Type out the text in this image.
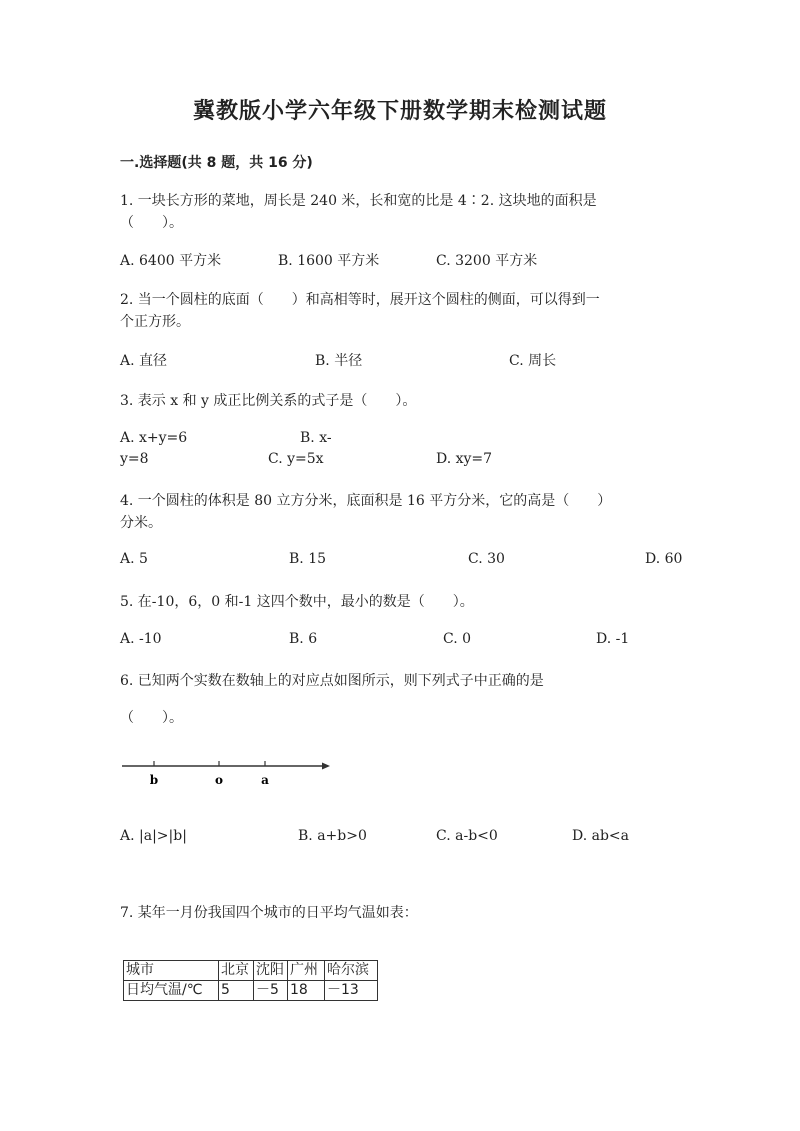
冀教版小学六年级下册数学期末检测试题
一.选择题(共 8 题，共 16 分)
1. 一块长方形的菜地，周长是 240 米，长和宽的比是 4∶2. 这块地的面积是
（　　）。
A. 6400 平方米	B. 1600 平方米	C. 3200 平方米
2. 当一个圆柱的底面（　　）和高相等时，展开这个圆柱的侧面，可以得到一
个正方形。
A. 直径	B. 半径	C. 周长
3. 表示 x 和 y 成正比例关系的式子是（　　）。
A. x+y=6	B. x-
y=8	C. y=5x	D. xy=7
4. 一个圆柱的体积是 80 立方分米，底面积是 16 平方分米，它的高是（　　）
分米。
A. 5	B. 15	C. 30	D. 60
5. 在-10，6，0 和-1 这四个数中，最小的数是（　　）。
A. -10	B. 6	C. 0	D. -1
6. 已知两个实数在数轴上的对应点如图所示，则下列式子中正确的是
（　　）。
b	o	a
A. |a|>|b|	B. a+b>0	C. a-b<0	D. ab<a
7. 某年一月份我国四个城市的日平均气温如表：
城市	北京	沈阳	广州	哈尔滨
日均气温/℃	5	－5	18	－13
